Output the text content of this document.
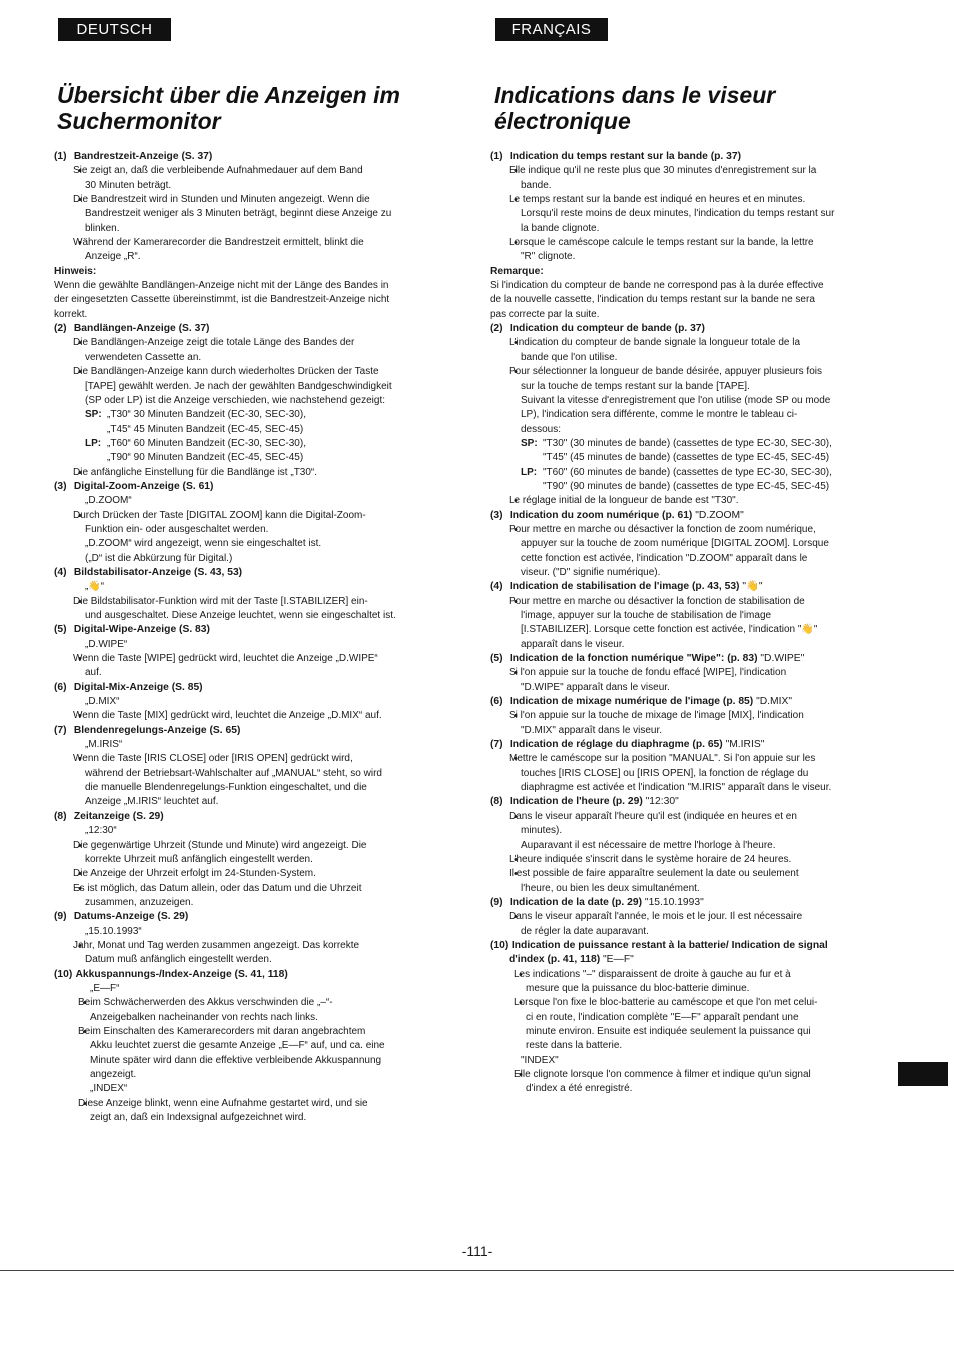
DEUTSCH	FRANÇAIS
Übersicht über die Anzeigen im
Suchermonitor
Indications dans le viseur
électronique

(1) Bandrestzeit-Anzeige (S. 37)

• Sie zeigt an, daß die verbleibende Aufnahmedauer auf dem Band

30 Minuten beträgt.

• Die Bandrestzeit wird in Stunden und Minuten angezeigt. Wenn die

Bandrestzeit weniger als 3 Minuten beträgt, beginnt diese Anzeige zu

blinken.

• Während der Kamerarecorder die Bandrestzeit ermittelt, blinkt die

Anzeige „R“.

Hinweis:

Wenn die gewählte Bandlängen-Anzeige nicht mit der Länge des Bandes in

der eingesetzten Cassette übereinstimmt, ist die Bandrestzeit-Anzeige nicht

korrekt.

(2) Bandlängen-Anzeige (S. 37)

• Die Bandlängen-Anzeige zeigt die totale Länge des Bandes der

verwendeten Cassette an.

• Die Bandlängen-Anzeige kann durch wiederholtes Drücken der Taste

[TAPE] gewählt werden. Je nach der gewählten Bandgeschwindigkeit

(SP oder LP) ist die Anzeige verschieden, wie nachstehend gezeigt:

SP: „T30“ 30 Minuten Bandzeit (EC-30, SEC-30),

„T45“ 45 Minuten Bandzeit (EC-45, SEC-45)

LP: „T60“ 60 Minuten Bandzeit (EC-30, SEC-30),

„T90“ 90 Minuten Bandzeit (EC-45, SEC-45)

• Die anfängliche Einstellung für die Bandlänge ist „T30“.

(3) Digital-Zoom-Anzeige (S. 61)

„D.ZOOM“

• Durch Drücken der Taste [DIGITAL ZOOM] kann die Digital-Zoom-

Funktion ein- oder ausgeschaltet werden.

„D.ZOOM“ wird angezeigt, wenn sie eingeschaltet ist.

(„D“ ist die Abkürzung für Digital.)

(4) Bildstabilisator-Anzeige (S. 43, 53)

„👋“

• Die Bildstabilisator-Funktion wird mit der Taste [I.STABILIZER] ein-

und ausgeschaltet. Diese Anzeige leuchtet, wenn sie eingeschaltet ist.

(5) Digital-Wipe-Anzeige (S. 83)

„D.WIPE“

• Wenn die Taste [WIPE] gedrückt wird, leuchtet die Anzeige „D.WIPE“

auf.

(6) Digital-Mix-Anzeige (S. 85)

„D.MIX“

• Wenn die Taste [MIX] gedrückt wird, leuchtet die Anzeige „D.MIX“ auf.

(7) Blendenregelungs-Anzeige (S. 65)

„M.IRIS“

• Wenn die Taste [IRIS CLOSE] oder [IRIS OPEN] gedrückt wird,

während der Betriebsart-Wahlschalter auf „MANUAL“ steht, so wird

die manuelle Blendenregelungs-Funktion eingeschaltet, und die

Anzeige „M.IRIS“ leuchtet auf.

(8) Zeitanzeige (S. 29)

„12:30“

• Die gegenwärtige Uhrzeit (Stunde und Minute) wird angezeigt. Die

korrekte Uhrzeit muß anfänglich eingestellt werden.

• Die Anzeige der Uhrzeit erfolgt im 24-Stunden-System.

• Es ist möglich, das Datum allein, oder das Datum und die Uhrzeit

zusammen, anzuzeigen.

(9) Datums-Anzeige (S. 29)

„15.10.1993“

• Jahr, Monat und Tag werden zusammen angezeigt. Das korrekte

Datum muß anfänglich eingestellt werden.

(10) Akkuspannungs-/Index-Anzeige (S. 41, 118)

„E—F“

• Beim Schwächerwerden des Akkus verschwinden die „–“-

Anzeigebalken nacheinander von rechts nach links.

• Beim Einschalten des Kamerarecorders mit daran angebrachtem

Akku leuchtet zuerst die gesamte Anzeige „E—F“ auf, und ca. eine

Minute später wird dann die effektive verbleibende Akkuspannung

angezeigt.

„INDEX“

• Diese Anzeige blinkt, wenn eine Aufnahme gestartet wird, und sie

zeigt an, daß ein Indexsignal aufgezeichnet wird.

(1) Indication du temps restant sur la bande (p. 37)

• Elle indique qu'il ne reste plus que 30 minutes d'enregistrement sur la

bande.

• Le temps restant sur la bande est indiqué en heures et en minutes.

Lorsqu'il reste moins de deux minutes, l'indication du temps restant sur

la bande clignote.

• Lorsque le caméscope calcule le temps restant sur la bande, la lettre

"R" clignote.

Remarque:

Si l'indication du compteur de bande ne correspond pas à la durée effective

de la nouvelle cassette, l'indication du temps restant sur la bande ne sera

pas correcte par la suite.

(2) Indication du compteur de bande (p. 37)

• L'indication du compteur de bande signale la longueur totale de la

bande que l'on utilise.

• Pour sélectionner la longueur de bande désirée, appuyer plusieurs fois

sur la touche de temps restant sur la bande [TAPE].

Suivant la vitesse d'enregistrement que l'on utilise (mode SP ou mode

LP), l'indication sera différente, comme le montre le tableau ci-

dessous:

SP: "T30" (30 minutes de bande) (cassettes de type EC-30, SEC-30),

"T45" (45 minutes de bande) (cassettes de type EC-45, SEC-45)

LP: "T60" (60 minutes de bande) (cassettes de type EC-30, SEC-30),

"T90" (90 minutes de bande) (cassettes de type EC-45, SEC-45)

• Le réglage initial de la longueur de bande est "T30".

(3) Indication du zoom numérique (p. 61) "D.ZOOM"

• Pour mettre en marche ou désactiver la fonction de zoom numérique,

appuyer sur la touche de zoom numérique [DIGITAL ZOOM]. Lorsque

cette fonction est activée, l'indication "D.ZOOM" apparaît dans le

viseur. ("D" signifie numérique).

(4) Indication de stabilisation de l'image (p. 43, 53) "👋"

• Pour mettre en marche ou désactiver la fonction de stabilisation de

l'image, appuyer sur la touche de stabilisation de l'image

[I.STABILIZER]. Lorsque cette fonction est activée, l'indication "👋"

apparaît dans le viseur.

(5) Indication de la fonction numérique "Wipe": (p. 83) "D.WIPE"

• Si l'on appuie sur la touche de fondu effacé [WIPE], l'indication

"D.WIPE" apparaît dans le viseur.

(6) Indication de mixage numérique de l'image (p. 85) "D.MIX"

• Si l'on appuie sur la touche de mixage de l'image [MIX], l'indication

"D.MIX" apparaît dans le viseur.

(7) Indication de réglage du diaphragme (p. 65) "M.IRIS"

• Mettre le caméscope sur la position "MANUAL". Si l'on appuie sur les

touches [IRIS CLOSE] ou [IRIS OPEN], la fonction de réglage du

diaphragme est activée et l'indication "M.IRIS" apparaît dans le viseur.

(8) Indication de l'heure (p. 29) "12:30"

• Dans le viseur apparaît l'heure qu'il est (indiquée en heures et en

minutes).

Auparavant il est nécessaire de mettre l'horloge à l'heure.

• L'heure indiquée s'inscrit dans le système horaire de 24 heures.

• Il est possible de faire apparaître seulement la date ou seulement

l'heure, ou bien les deux simultanément.

(9) Indication de la date (p. 29) "15.10.1993"

• Dans le viseur apparaît l'année, le mois et le jour. Il est nécessaire

de régler la date auparavant.

(10) Indication de puissance restant à la batterie/ Indication de signal

d'index (p. 41, 118) "E—F"

• Les indications "–" disparaissent de droite à gauche au fur et à

mesure que la puissance du bloc-batterie diminue.

• Lorsque l'on fixe le bloc-batterie au caméscope et que l'on met celui-

ci en route, l'indication complète "E—F" apparaît pendant une

minute environ. Ensuite est indiquée seulement la puissance qui

reste dans la batterie.

"INDEX"

• Elle clignote lorsque l'on commence à filmer et indique qu'un signal

d'index a été enregistré.

-111-
